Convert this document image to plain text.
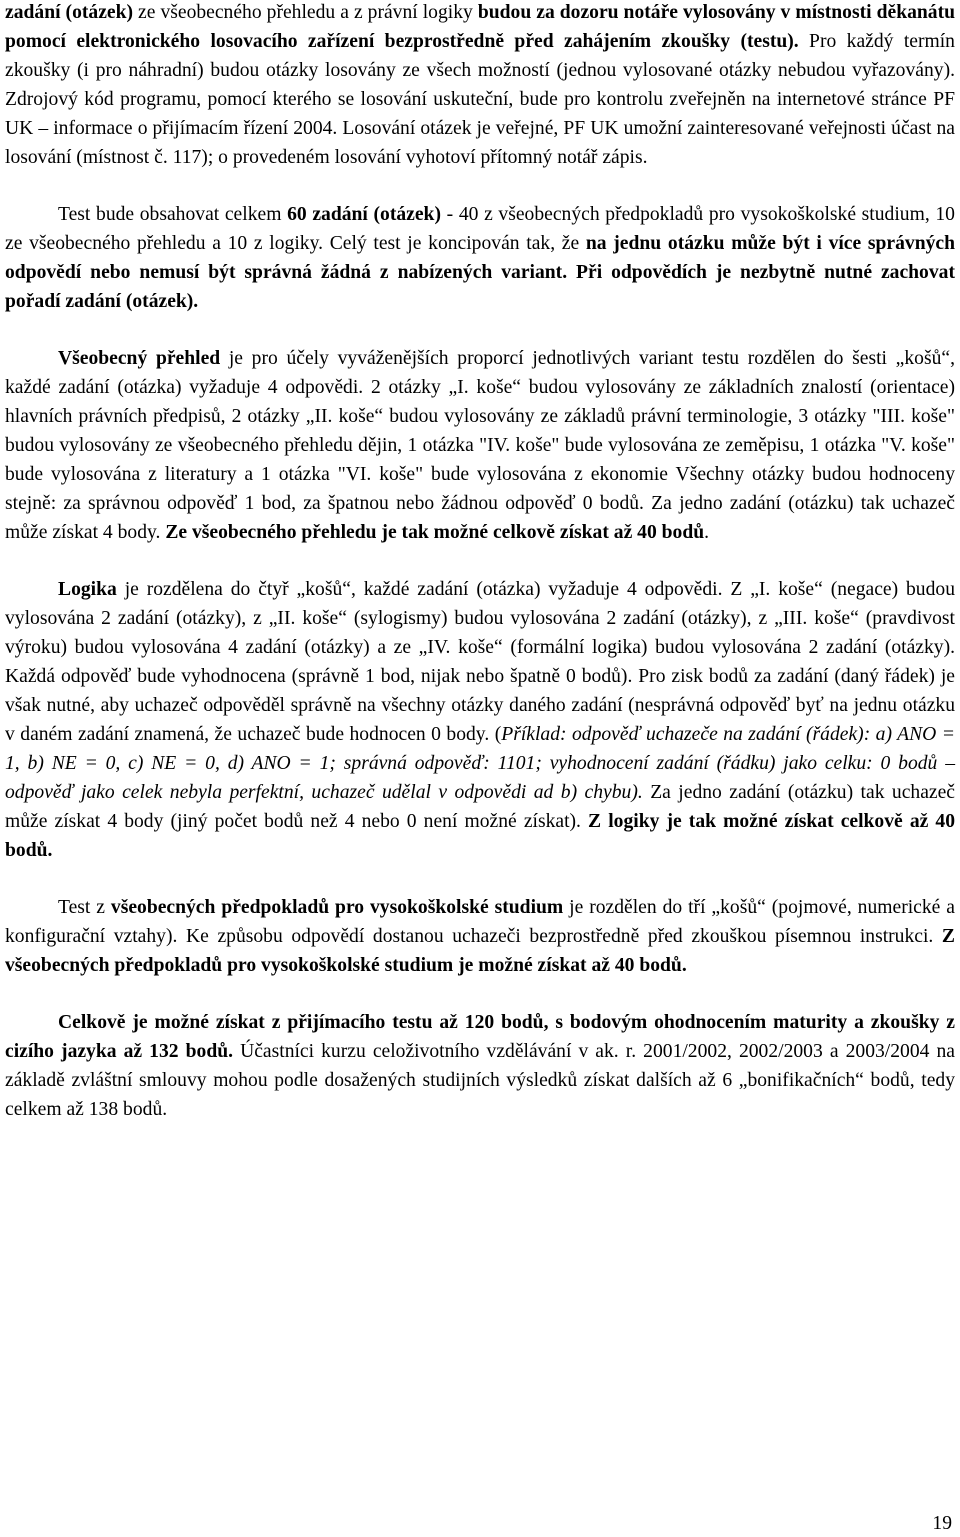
zadání (otázek) ze všeobecného přehledu a z právní logiky budou za dozoru notáře vylosovány v místnosti děkanátu pomocí elektronického losovacího zařízení bezprostředně před zahájením zkoušky (testu). Pro každý termín zkoušky (i pro náhradní) budou otázky losovány ze všech možností (jednou vylosované otázky nebudou vyřazovány). Zdrojový kód programu, pomocí kterého se losování uskuteční, bude pro kontrolu zveřejněn na internetové stránce PF UK – informace o přijímacím řízení 2004. Losování otázek je veřejné, PF UK umožní zainteresované veřejnosti účast na losování (místnost č. 117); o provedeném losování vyhotoví přítomný notář zápis.

Test bude obsahovat celkem 60 zadání (otázek) - 40 z všeobecných předpokladů pro vysokoškolské studium, 10 ze všeobecného přehledu a 10 z logiky. Celý test je koncipován tak, že na jednu otázku může být i více správných odpovědí nebo nemusí být správná žádná z nabízených variant. Při odpovědích je nezbytně nutné zachovat pořadí zadání (otázek).

Všeobecný přehled je pro účely vyváženějších proporcí jednotlivých variant testu rozdělen do šesti „košů“, každé zadání (otázka) vyžaduje 4 odpovědi. 2 otázky „I. koše“ budou vylosovány ze základních znalostí (orientace) hlavních právních předpisů, 2 otázky „II. koše“ budou vylosovány ze základů právní terminologie, 3 otázky "III. koše" budou vylosovány ze všeobecného přehledu dějin, 1 otázka "IV. koše" bude vylosována ze zeměpisu, 1 otázka "V. koše" bude vylosována z literatury a 1 otázka "VI. koše" bude vylosována z ekonomie Všechny otázky budou hodnoceny stejně: za správnou odpověď 1 bod, za špatnou nebo žádnou odpověď 0 bodů. Za jedno zadání (otázku) tak uchazeč může získat 4 body. Ze všeobecného přehledu je tak možné celkově získat až 40 bodů.

Logika je rozdělena do čtyř „košů“, každé zadání (otázka) vyžaduje 4 odpovědi. Z „I. koše“ (negace) budou vylosována 2 zadání (otázky), z „II. koše“ (sylogismy) budou vylosována 2 zadání (otázky), z „III. koše“ (pravdivost výroku) budou vylosována 4 zadání (otázky) a ze „IV. koše“ (formální logika) budou vylosována 2 zadání (otázky). Každá odpověď bude vyhodnocena (správně 1 bod, nijak nebo špatně 0 bodů). Pro zisk bodů za zadání (daný řádek) je však nutné, aby uchazeč odpověděl správně na všechny otázky daného zadání (nesprávná odpověď byť na jednu otázku v daném zadání znamená, že uchazeč bude hodnocen 0 body. (Příklad: odpověď uchazeče na zadání (řádek): a) ANO = 1, b) NE = 0, c) NE = 0, d) ANO = 1; správná odpověď: 1101; vyhodnocení zadání (řádku) jako celku: 0 bodů – odpověď jako celek nebyla perfektní, uchazeč udělal v odpovědi ad b) chybu). Za jedno zadání (otázku) tak uchazeč může získat 4 body (jiný počet bodů než 4 nebo 0 není možné získat). Z logiky je tak možné získat celkově až 40 bodů.

Test z všeobecných předpokladů pro vysokoškolské studium je rozdělen do tří „košů“ (pojmové, numerické a konfigurační vztahy). Ke způsobu odpovědí dostanou uchazeči bezprostředně před zkouškou písemnou instrukci. Z všeobecných předpokladů pro vysokoškolské studium je možné získat až 40 bodů.

Celkově je možné získat z přijímacího testu až 120 bodů, s bodovým ohodnocením maturity a zkoušky z cizího jazyka až 132 bodů. Účastníci kurzu celoživotního vzdělávání v ak. r. 2001/2002, 2002/2003 a 2003/2004 na základě zvláštní smlouvy mohou podle dosažených studijních výsledků získat dalších až 6 „bonifikačních“ bodů, tedy celkem až 138 bodů.

19
